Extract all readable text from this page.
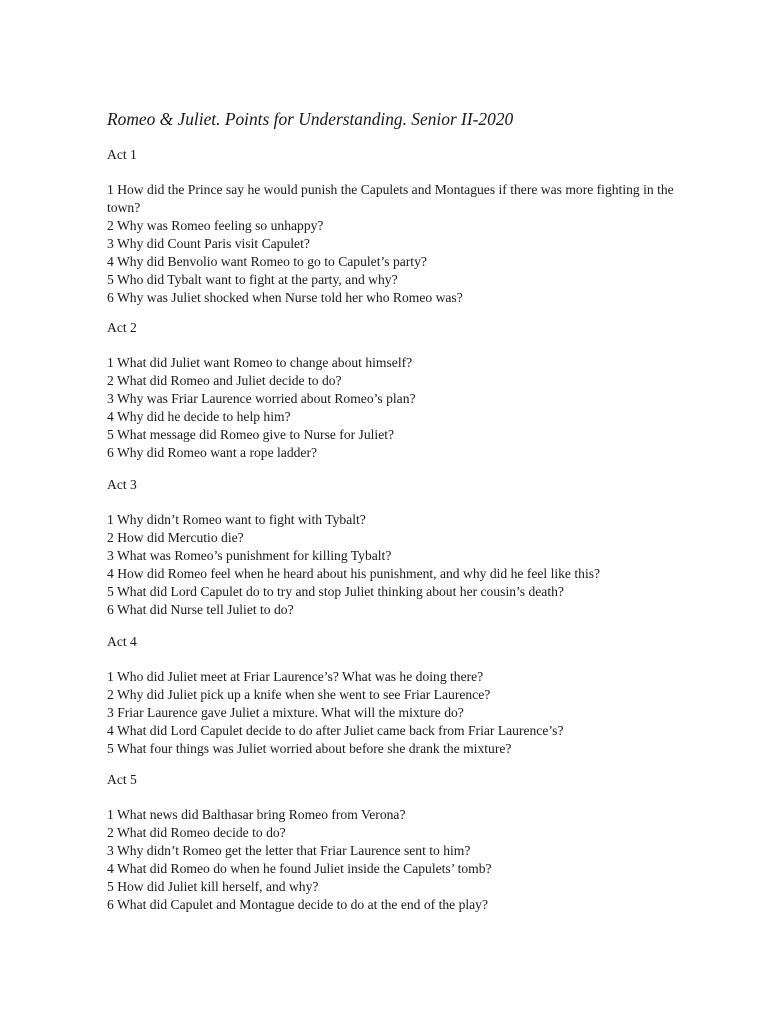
Romeo & Juliet. Points for Understanding. Senior II-2020
Act 1
1 How did the Prince say he would punish the Capulets and Montagues if there was more fighting in the town?
2 Why was Romeo feeling so unhappy?
3 Why did Count Paris visit Capulet?
4 Why did Benvolio want Romeo to go to Capulet’s party?
5 Who did Tybalt want to fight at the party, and why?
6 Why was Juliet shocked when Nurse told her who Romeo was?
Act 2
1 What did Juliet want Romeo to change about himself?
2 What did Romeo and Juliet decide to do?
3 Why was Friar Laurence worried about Romeo’s plan?
4 Why did he decide to help him?
5 What message did Romeo give to Nurse for Juliet?
6 Why did Romeo want a rope ladder?
Act 3
1 Why didn’t Romeo want to fight with Tybalt?
2 How did Mercutio die?
3 What was Romeo’s punishment for killing Tybalt?
4 How did Romeo feel when he heard about his punishment, and why did he feel like this?
5 What did Lord Capulet do to try and stop Juliet thinking about her cousin’s death?
6 What did Nurse tell Juliet to do?
Act 4
1 Who did Juliet meet at Friar Laurence’s? What was he doing there?
2 Why did Juliet pick up a knife when she went to see Friar Laurence?
3 Friar Laurence gave Juliet a mixture. What will the mixture do?
4 What did Lord Capulet decide to do after Juliet came back from Friar Laurence’s?
5 What four things was Juliet worried about before she drank the mixture?
Act 5
1 What news did Balthasar bring Romeo from Verona?
2 What did Romeo decide to do?
3 Why didn’t Romeo get the letter that Friar Laurence sent to him?
4 What did Romeo do when he found Juliet inside the Capulets’ tomb?
5 How did Juliet kill herself, and why?
6 What did Capulet and Montague decide to do at the end of the play?
